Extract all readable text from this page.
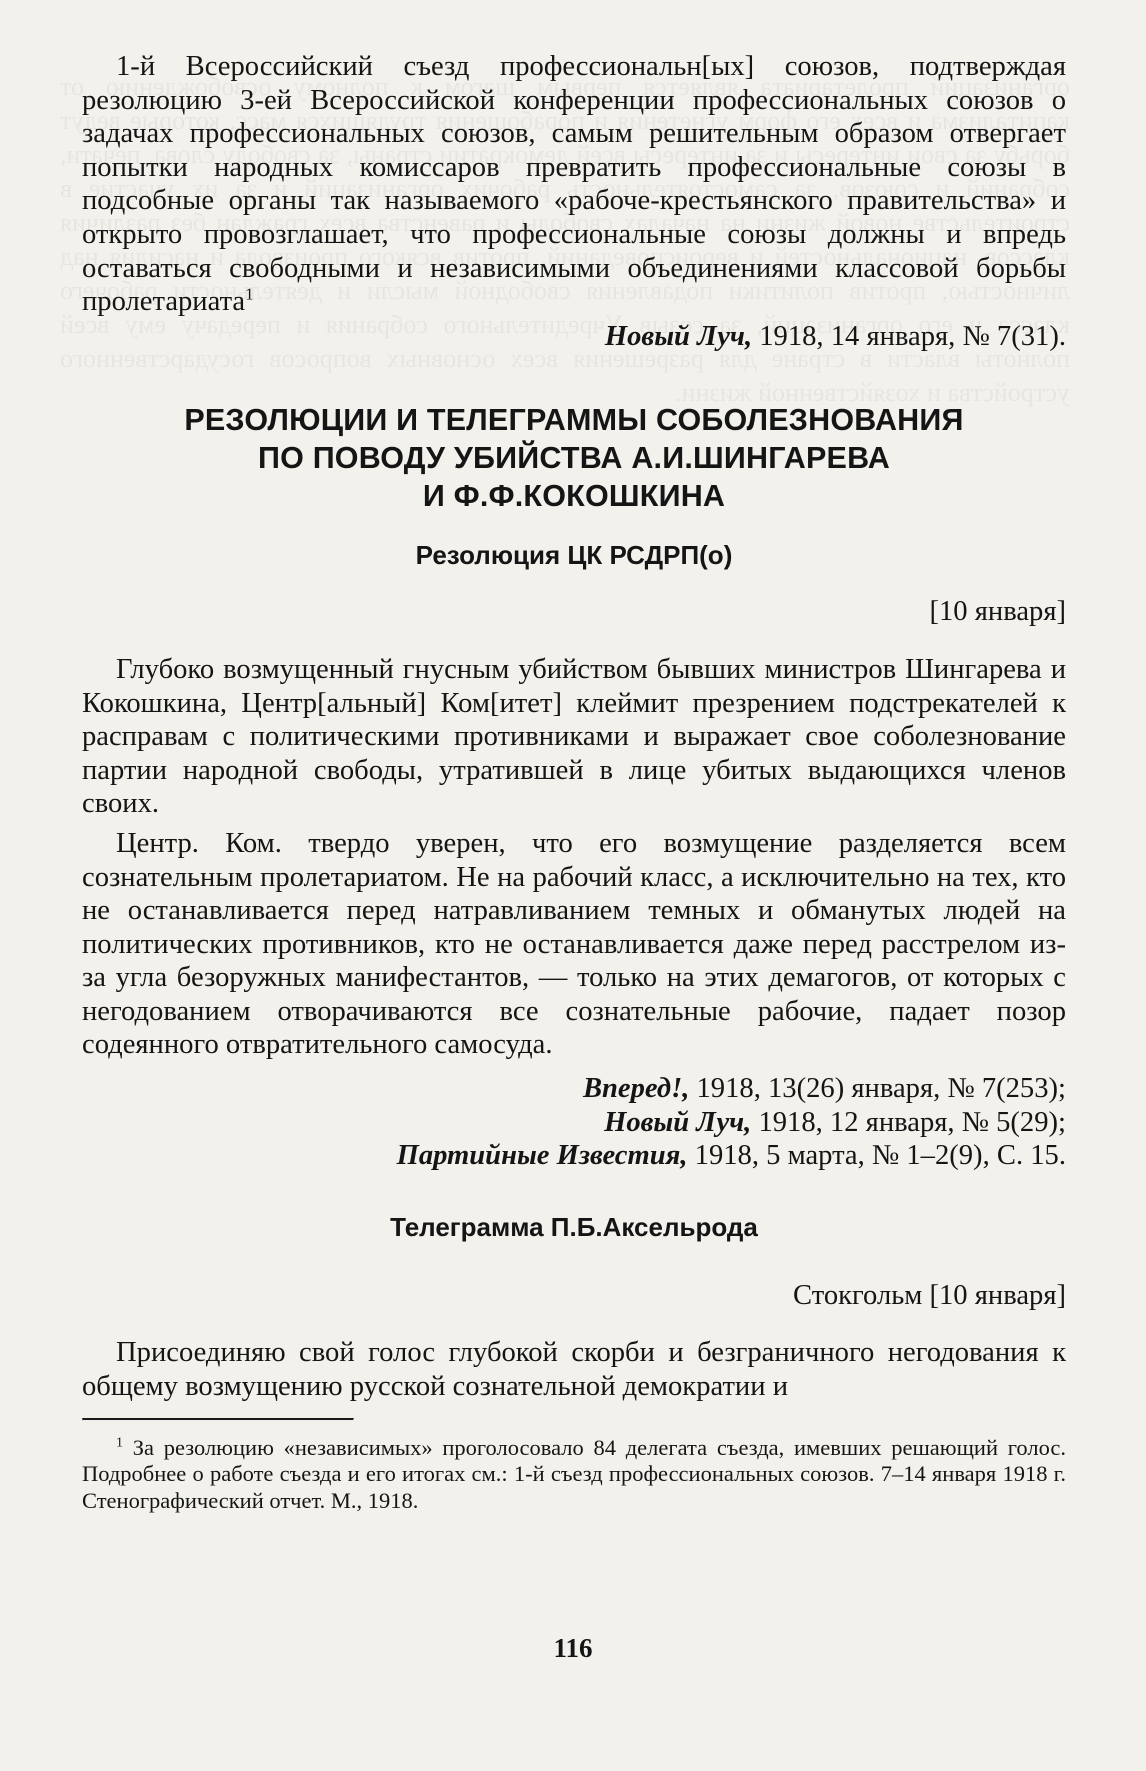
1-й Всероссийский съезд профессиональн[ых] союзов, подтверждая резолюцию 3-ей Всероссийской конференции профессиональных союзов о задачах профессиональных союзов, самым решительным образом отвергает попытки народных комиссаров превратить профессиональные союзы в подсобные органы так называемого «рабоче-крестьянского правительства» и открыто провозглашает, что профессиональные союзы должны и впредь оставаться свободными и независимыми объединениями классовой борьбы пролетариата$^1$

Новый Луч, 1918, 14 января, № 7(31).

РЕЗОЛЮЦИИ И ТЕЛЕГРАММЫ СОБОЛЕЗНОВАНИЯ

ПО ПОВОДУ УБИЙСТВА А.И.ШИНГАРЕВА

И Ф.Ф.КОКОШКИНА

Резолюция ЦК РСДРП(о)

[10 января]

Глубоко возмущенный гнусным убийством бывших министров Шингарева и Кокошкина, Центр[альный] Ком[итет] клеймит презрением подстрекателей к расправам с политическими противниками и выражает свое соболезнование партии народной свободы, утратившей в лице убитых выдающихся членов своих.

Центр. Ком. твердо уверен, что его возмущение разделяется всем сознательным пролетариатом. Не на рабочий класс, а исключительно на тех, кто не останавливается перед натравливанием темных и обманутых людей на политических противников, кто не останавливается даже перед расстрелом из-за угла безоружных манифестантов, — только на этих демагогов, от которых с негодованием отворачиваются все сознательные рабочие, падает позор содеянного отвратительного самосуда.

Вперед!, 1918, 13(26) января, № 7(253);

Новый Луч, 1918, 12 января, № 5(29);

Партийные Известия, 1918, 5 марта, № 1–2(9), С. 15.

Телеграмма П.Б.Аксельрода

Стокгольм [10 января]

Присоединяю свой голос глубокой скорби и безграничного негодования к общему возмущению русской сознательной демократии и

$^1$ За резолюцию «независимых» проголосовало 84 делегата съезда, имевших решающий голос. Подробнее о работе съезда и его итогах см.: 1-й съезд профессиональных союзов. 7–14 января 1918 г. Стенографический отчет. М., 1918.

116
